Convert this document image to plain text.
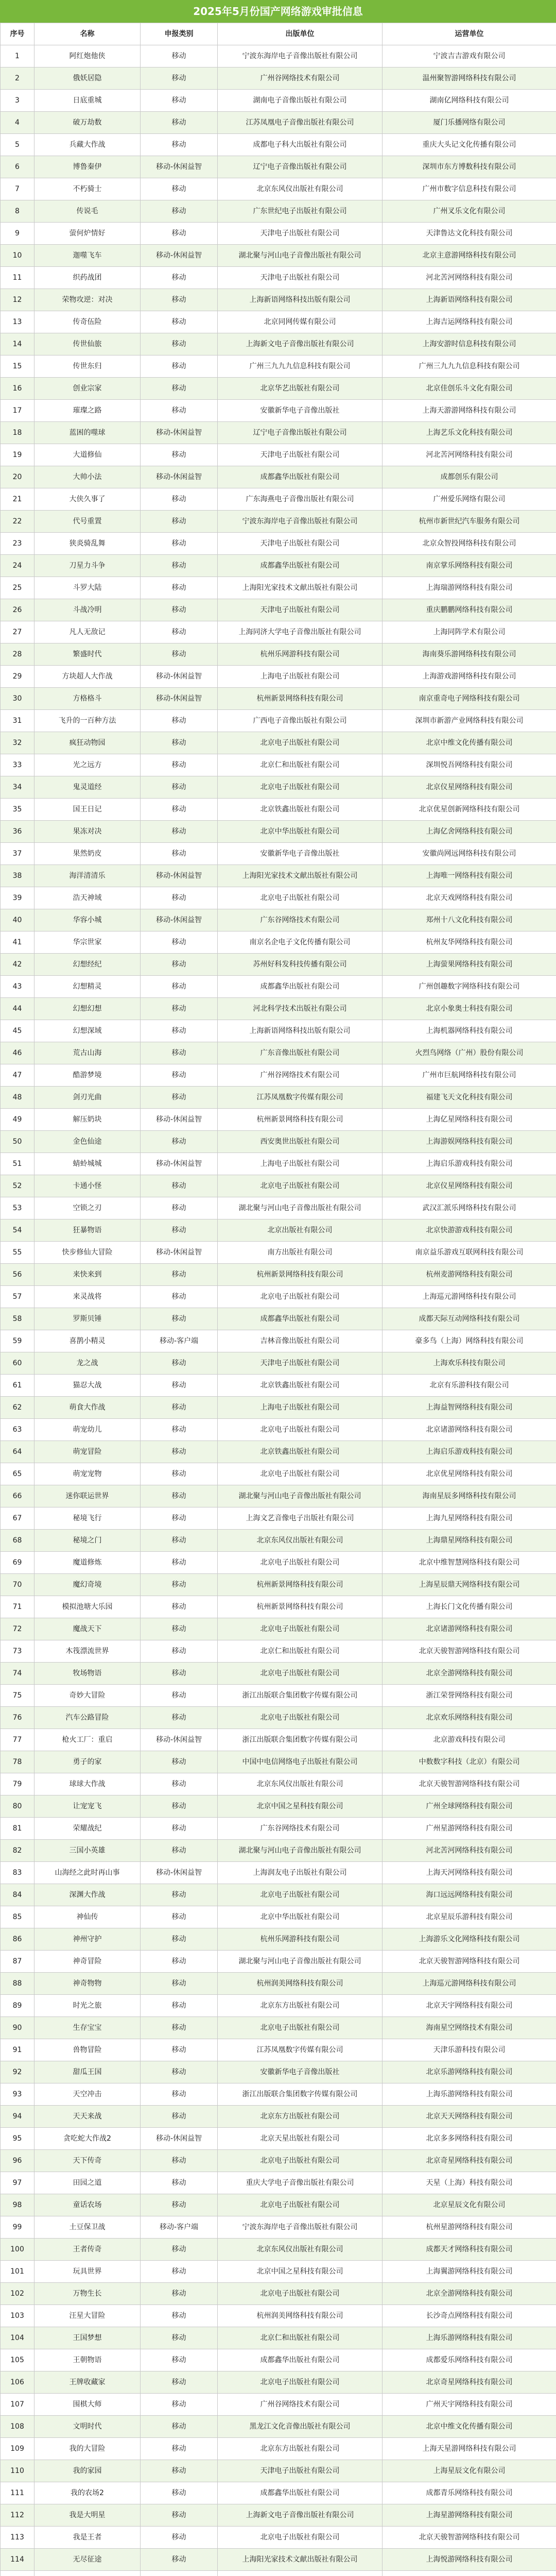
2025年5月份国产网络游戏审批信息
序号	名称	申报类别	出版单位	运营单位
1	阿红炮他侠	移动	宁波东海岸电子音像出版社有限公司	宁波吉吉游戏有限公司
2	俄妖居隐	移动	广州谷网络技术有限公司	温州聚智游网络科技有限公司
3	日底重城	移动	湖南电子音像出版社有限公司	湖南亿网络科技有限公司
4	破万劫数	移动	江苏凤凰电子音像出版社有限公司	厦门乐播网络有限公司
5	兵藏大作战	移动	成都电子科大出版社有限公司	重庆大头记文化传播有限公司
6	博鲁秦伊	移动-休闲益智	辽宁电子音像出版社有限公司	深圳市东方博数科技有限公司
7	不朽骑士	移动	北京东风仪出版社有限公司	广州市数字信息科技有限公司
8	传说毛	移动	广东世纪电子出版社有限公司	广州叉乐文化有限公司
9	萤何炉情好	移动	天津电子出版社有限公司	天津鲁达文化科技有限公司
10	迦噬飞车	移动-休闲益智	湖北聚与河山电子音像出版社有限公司	北京主意游网络科技有限公司
11	织药战团	移动	天津电子出版社有限公司	河北苦河网络科技有限公司
12	荣物攻逆：对决	移动	上海新语网络科技出版有限公司	上海新语网络科技有限公司
13	传奇伍险	移动	北京同网传媒有限公司	上海吉运网络科技有限公司
14	传世仙旅	移动	上海新文电子音像出版社有限公司	上海安游时信息科技有限公司
15	传世东归	移动	广州三九九九信息科技有限公司	广州三九九九信息科技有限公司
16	创业宗家	移动	北京华艺出版社有限公司	北京佳创乐斗文化有限公司
17	璀璨之路	移动	安徽新华电子音像出版社	上海天游游网络科技有限公司
18	蓝困的噬球	移动-休闲益智	辽宁电子音像出版社有限公司	上海艺乐文化科技有限公司
19	大道修仙	移动	天津电子出版社有限公司	河北苦河网络科技有限公司
20	大帅小法	移动-休闲益智	成都鑫华出版社有限公司	成都创乐有限公司
21	大侠久事了	移动	广东海燕电子音像出版社有限公司	广州爱乐网络有限公司
22	代号重置	移动	宁波东海岸电子音像出版社有限公司	杭州市新世纪汽车服务有限公司
23	狭炎骑乱舞	移动	天津电子出版社有限公司	北京众智投网络科技有限公司
24	刀星力斗争	移动	成都鑫华出版社有限公司	南京掌乐网络科技有限公司
25	斗罗大陆	移动	上海阳光家技术文献出版社有限公司	上海瑞游网络科技有限公司
26	斗战冷明	移动	天津电子出版社有限公司	重庆鹏鹏网络科技有限公司
27	凡人无敌记	移动	上海同济大学电子音像出版社有限公司	上海同阵学术有限公司
28	繁盛时代	移动	杭州乐网游科技有限公司	海南葵乐游网络科技有限公司
29	方块超人大作战	移动-休闲益智	上海电子出版社有限公司	上海游戏游网络科技有限公司
30	方格格斗	移动-休闲益智	杭州新景网络科技有限公司	南京重奇电子网络科技有限公司
31	飞升的一百种方法	移动	广西电子音像出版社有限公司	深圳市新游产业网络科技有限公司
32	疯狂动物园	移动	北京电子出版社有限公司	北京中维文化传播有限公司
33	光之远方	移动	北京仁和出版社有限公司	深圳悦吾网络科技有限公司
34	鬼灵道经	移动	北京电子出版社有限公司	北京仪星网络科技有限公司
35	国王日记	移动	北京铁鑫出版社有限公司	北京优星创新网络科技有限公司
36	果冻对决	移动	北京中华出版社有限公司	上海亿舍网络科技有限公司
37	果然奶皮	移动	安徽新华电子音像出版社	安徽尚网远网络科技有限公司
38	海洋清清乐	移动-休闲益智	上海阳光家技术文献出版社有限公司	上海唯一网络科技有限公司
39	浩天神域	移动	北京电子出版社有限公司	北京天戏网络科技有限公司
40	华容小城	移动-休闲益智	广东谷网络技术有限公司	郑州十八文化科技有限公司
41	华宗世家	移动	南京名企电子文化传播有限公司	杭州友华网络科技有限公司
42	幻想经纪	移动	苏州好科发科技传播有限公司	上海萤果网络科技有限公司
43	幻想精灵	移动	成都鑫华出版社有限公司	广州创趣数字网络科技有限公司
44	幻想幻想	移动	河北科学技术出版社有限公司	北京小象奥士科技有限公司
45	幻想深域	移动	上海新语网络科技出版有限公司	上海机器网络科技有限公司
46	荒古山海	移动	广东音像出版社有限公司	火烈鸟网络（广州）股份有限公司
47	酷游梦境	移动	广州谷网络技术有限公司	广州市巨航网络科技有限公司
48	剑刃光曲	移动	江苏凤凰数字传媒有限公司	福建飞天文化科技有限公司
49	解压奶块	移动-休闲益智	杭州新景网络科技有限公司	上海亿星网络科技有限公司
50	金色仙途	移动	西安奥世出版社有限公司	上海游娱网络科技有限公司
51	蜻蛉城城	移动-休闲益智	上海电子出版社有限公司	上海启乐游戏科技有限公司
52	卡通小怪	移动	北京电子出版社有限公司	北京仪星网络科技有限公司
53	空锁之刃	移动	湖北聚与河山电子音像出版社有限公司	武汉汇派乐网络科技有限公司
54	狂暴物语	移动	北京出版社有限公司	北京快游游戏科技有限公司
55	快步修仙大冒险	移动-休闲益智	南方出版社有限公司	南京益乐游戏互联网科技有限公司
56	来快来到	移动	杭州新景网络科技有限公司	杭州麦游网络科技有限公司
57	来灵战将	移动	北京电子出版社有限公司	上海巡元游网络科技有限公司
58	罗斯贝锤	移动	成都鑫华出版社有限公司	成都天际互动网络科技有限公司
59	喜鹊小精灵	移动-客户端	吉林音像出版社有限公司	豪多鸟（上海）网络科技有限公司
60	龙之战	移动	天津电子出版社有限公司	上海欢乐科技有限公司
61	猫忍大战	移动	北京铁鑫出版社有限公司	北京有乐游科技有限公司
62	萌食大作战	移动	上海电子出版社有限公司	上海益智网络科技有限公司
63	萌宠幼儿	移动	北京电子出版社有限公司	北京诸游网络科技有限公司
64	萌宠冒险	移动	北京铁鑫出版社有限公司	上海启乐游戏科技有限公司
65	萌宠宠物	移动	北京电子出版社有限公司	北京优星网络科技有限公司
66	迷你联运世界	移动	湖北聚与河山电子音像出版社有限公司	海南星辰多网络科技有限公司
67	秘境飞行	移动	上海文艺音像电子出版社有限公司	上海九星网络科技有限公司
68	秘境之门	移动	北京东风仪出版社有限公司	上海鼎星网络科技有限公司
69	魔道修炼	移动	北京电子出版社有限公司	北京中维智慧网络科技有限公司
70	魔幻奇境	移动	杭州新景网络科技有限公司	上海星辰鼎天网络科技有限公司
71	模拟池塘大乐园	移动	杭州新景网络科技有限公司	上海长门文化传播有限公司
72	魔战天下	移动	北京电子出版社有限公司	北京诸游网络科技有限公司
73	木筏漂流世界	移动	北京仁和出版社有限公司	北京天骏智游网络科技有限公司
74	牧场物语	移动	北京电子出版社有限公司	北京全游网络科技有限公司
75	奇妙大冒险	移动	浙江出版联合集团数字传媒有限公司	浙江荣誉网络科技有限公司
76	汽车公路冒险	移动	北京电子出版社有限公司	北京欢乐网络科技有限公司
77	枪火工厂：重启	移动-休闲益智	浙江出版联合集团数字传媒有限公司	北京游戏科技有限公司
78	勇子的家	移动	中国中电信网络电子出版社有限公司	中数数字科技（北京）有限公司
79	球球大作战	移动	北京东风仪出版社有限公司	北京天骏智游网络科技有限公司
80	让宠宠飞	移动	北京中国之星科技有限公司	广州全球网络科技有限公司
81	荣耀战纪	移动	广东谷网络技术有限公司	广州星游网络科技有限公司
82	三国小英雄	移动	湖北聚与河山电子音像出版社有限公司	河北苦河网络科技有限公司
83	山海经之此时再山事	移动-休闲益智	上海润友电子出版社有限公司	上海天河网络科技有限公司
84	深渊大作战	移动	北京电子出版社有限公司	海口远远网络科技有限公司
85	神仙传	移动	北京中华出版社有限公司	北京星辰乐游科技有限公司
86	神州守护	移动	杭州乐网游科技有限公司	上海游乐文化网络科技有限公司
87	神奇冒险	移动	湖北聚与河山电子音像出版社有限公司	北京天骏智游网络科技有限公司
88	神奇物物	移动	杭州润美网络科技有限公司	上海巡元游网络科技有限公司
89	时光之旅	移动	北京东方出版社有限公司	北京天宇网络科技有限公司
90	生存宝宝	移动	北京电子出版社有限公司	海南星空网络技术有限公司
91	兽物冒险	移动	江苏凤凰数字传媒有限公司	天津乐游科技有限公司
92	甜瓜王国	移动	安徽新华电子音像出版社	北京乐游网络科技有限公司
93	天空冲击	移动	浙江出版联合集团数字传媒有限公司	上海乐游网络科技有限公司
94	天天来战	移动	北京东方出版社有限公司	北京天天网络科技有限公司
95	贪吃蛇大作战2	移动-休闲益智	北京天星出版社有限公司	北京多多网络科技有限公司
96	天下传奇	移动	北京电子出版社有限公司	北京奇星网络科技有限公司
97	田园之道	移动	重庆大学电子音像出版社有限公司	天星（上海）科技有限公司
98	童话农场	移动	北京电子出版社有限公司	北京星辰文化有限公司
99	土豆保卫战	移动-客户端	宁波东海岸电子音像出版社有限公司	杭州星游网络科技有限公司
100	王者传奇	移动	北京东风仪出版社有限公司	成都天才网络科技有限公司
101	玩具世界	移动	北京中国之星科技有限公司	上海翼游网络科技有限公司
102	万物生长	移动	北京电子出版社有限公司	北京全游网络科技有限公司
103	汪星大冒险	移动	杭州润美网络科技有限公司	长沙奇点网络科技有限公司
104	王国梦想	移动	北京仁和出版社有限公司	上海乐游网络科技有限公司
105	王朝物语	移动	成都鑫华出版社有限公司	成都爱乐网络科技有限公司
106	王牌收藏家	移动	北京电子出版社有限公司	北京奇星网络科技有限公司
107	围棋大师	移动	广州谷网络技术有限公司	广州天宇网络科技有限公司
108	文明时代	移动	黑龙江文化音像出版社有限公司	北京中维文化传播有限公司
109	我的大冒险	移动	北京东方出版社有限公司	上海天星游网络科技有限公司
110	我的家园	移动	天津电子出版社有限公司	上海星辰文化有限公司
111	我的农场2	移动	成都鑫华出版社有限公司	成都青乐网络科技有限公司
112	我是大明星	移动	上海新文电子音像出版社有限公司	上海星游网络科技有限公司
113	我是王者	移动	北京电子出版社有限公司	北京天骏智游网络科技有限公司
114	无尽征途	移动	上海阳光家技术文献出版社有限公司	上海悦游网络科技有限公司
